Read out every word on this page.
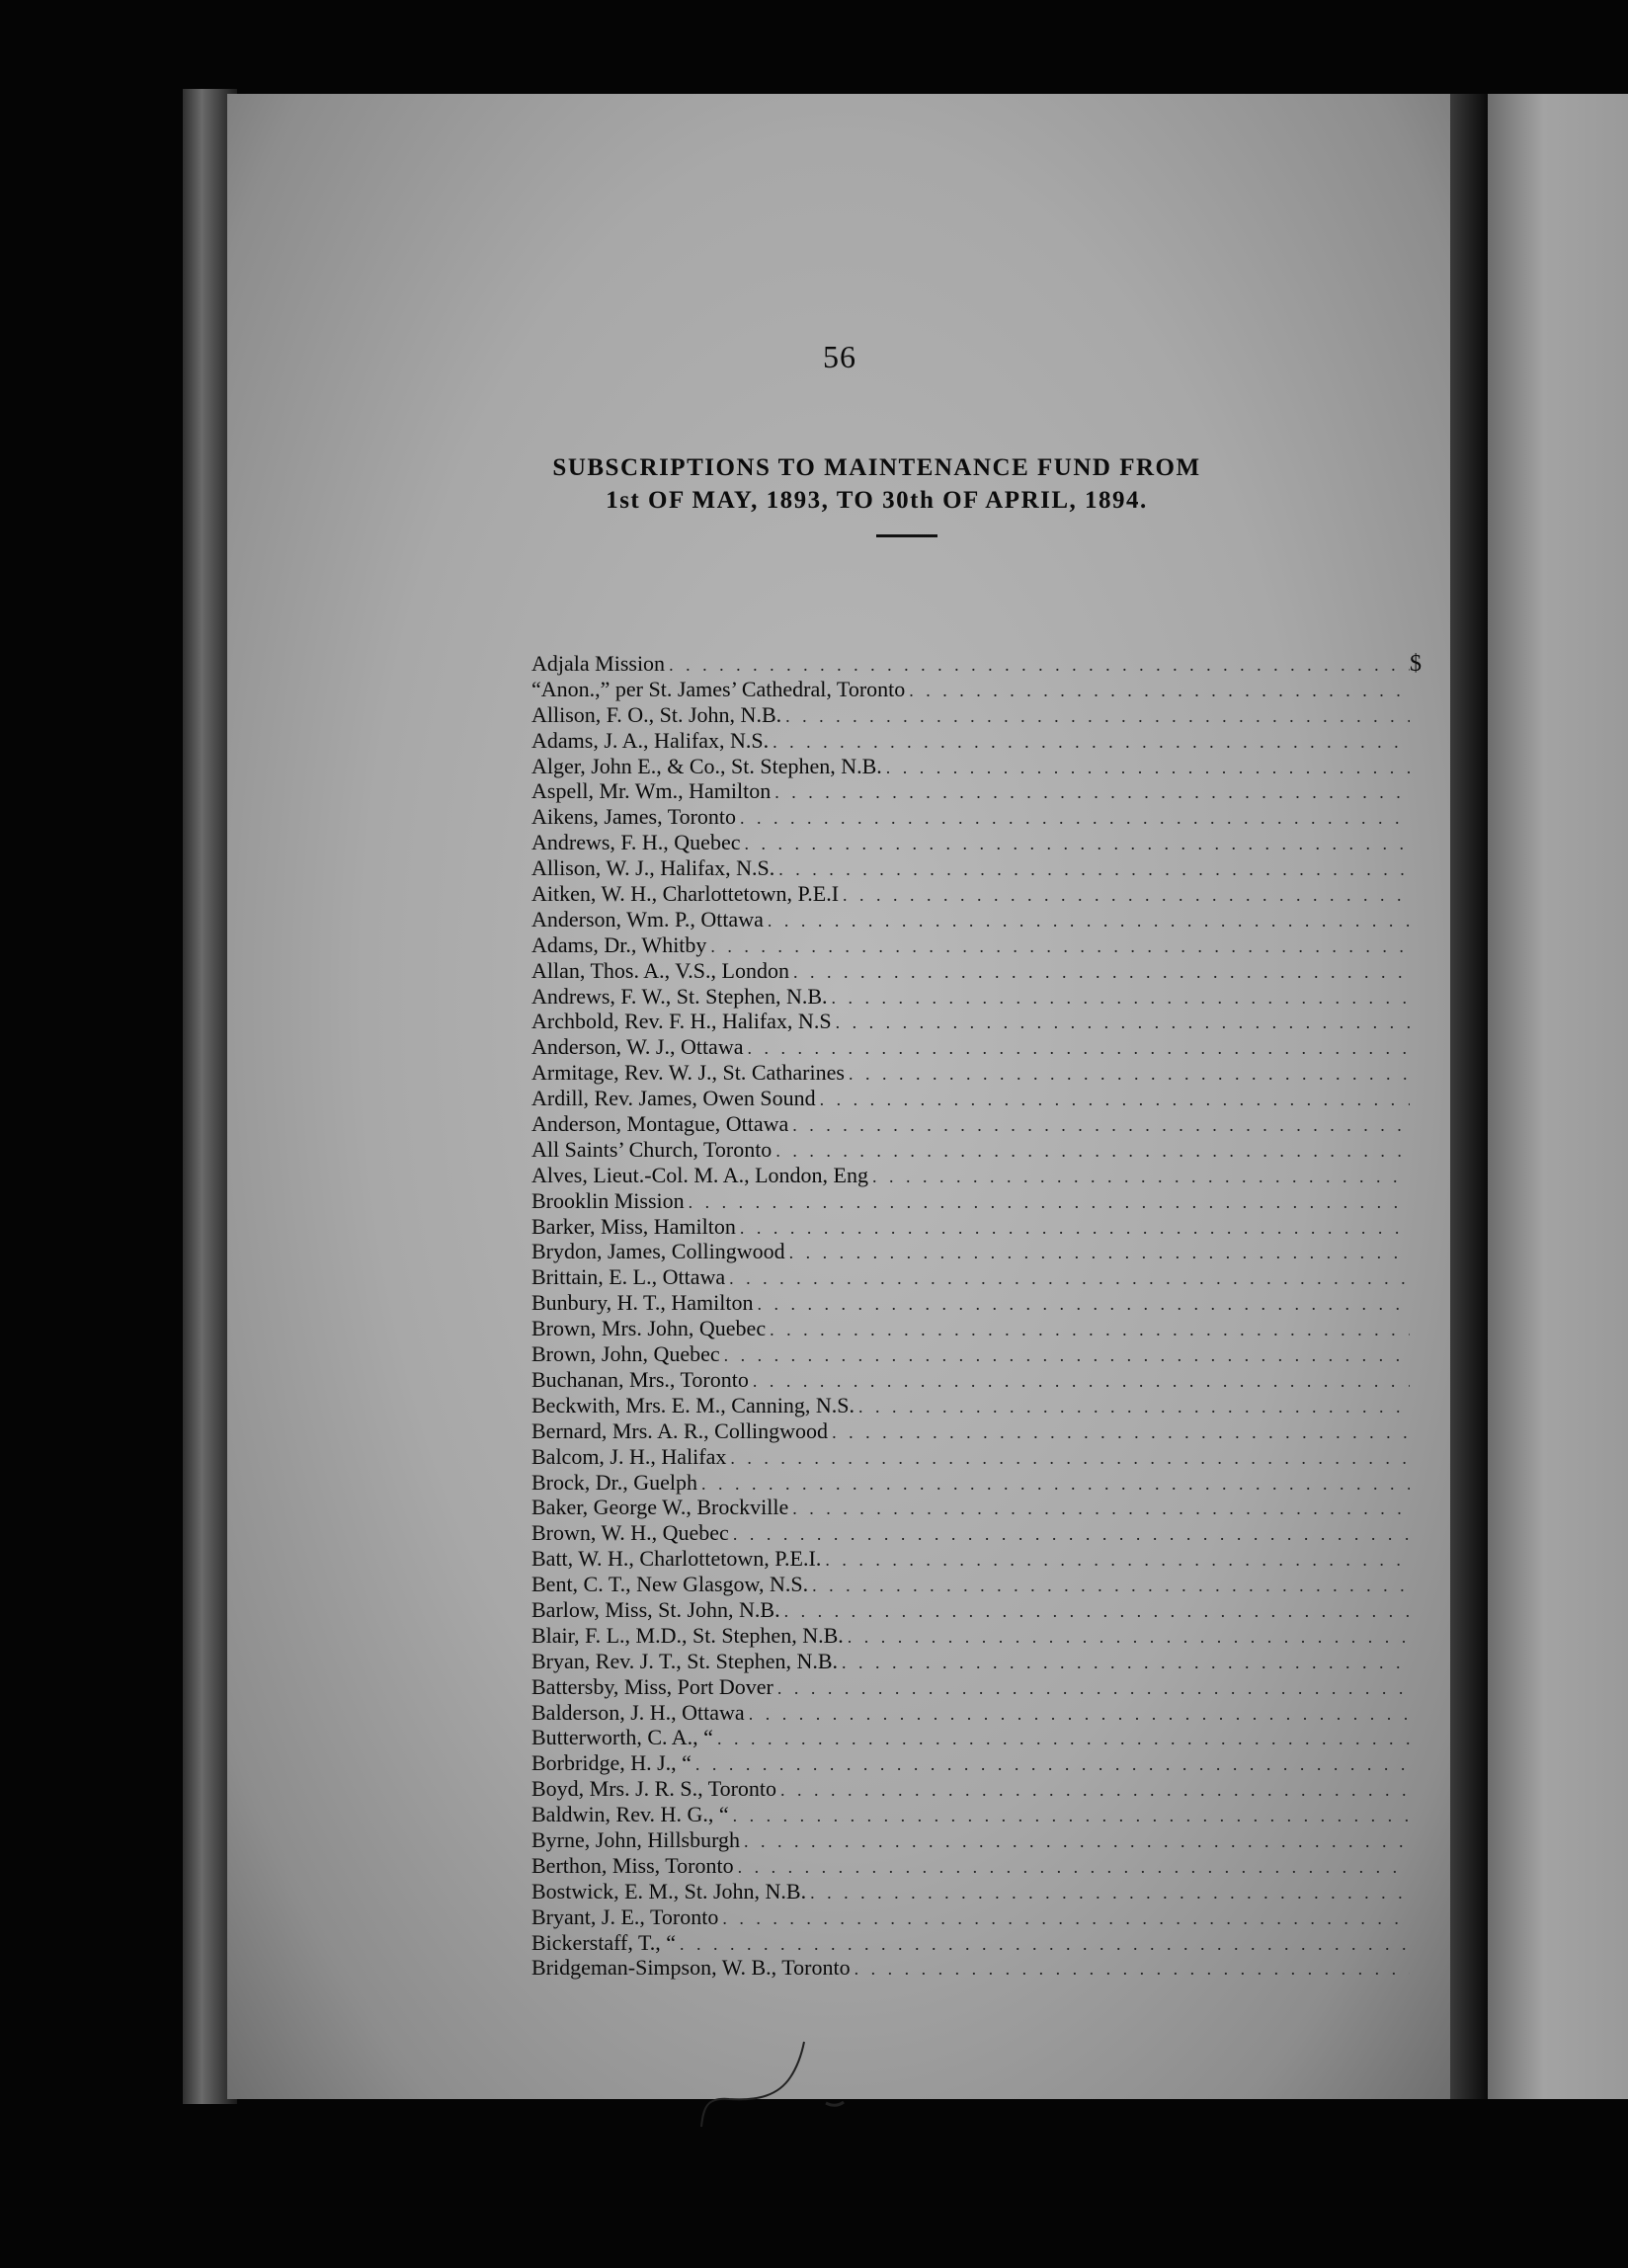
56
SUBSCRIPTIONS TO MAINTENANCE FUND FROM
1st OF MAY, 1893, TO 30th OF APRIL, 1894.
Adjala Mission
. . .	$
“Anon.,” per St. James’ Cathedral, Toronto
. . .
Allison, F. O., St. John, N.B.
. . .
Adams, J. A., Halifax, N.S.
. . .
Alger, John E., & Co., St. Stephen, N.B.
. . .
Aspell, Mr. Wm., Hamilton
. . .
Aikens, James, Toronto
. . .
Andrews, F. H., Quebec
. . .
Allison, W. J., Halifax, N.S.
. . .
Aitken, W. H., Charlottetown, P.E.I
. . .
Anderson, Wm. P., Ottawa
. . .
Adams, Dr., Whitby
. . .
Allan, Thos. A., V.S., London
. . .
Andrews, F. W., St. Stephen, N.B.
. . .
Archbold, Rev. F. H., Halifax, N.S
. . .
Anderson, W. J., Ottawa
. . .
Armitage, Rev. W. J., St. Catharines
. . .
Ardill, Rev. James, Owen Sound
. . .
Anderson, Montague, Ottawa
. . .
All Saints’ Church, Toronto
. . .
Alves, Lieut.-Col. M. A., London, Eng
. . .
Brooklin Mission
. . .
Barker, Miss, Hamilton
. . .
Brydon, James, Collingwood
. . .
Brittain, E. L., Ottawa
. . .
Bunbury, H. T., Hamilton
. . .
Brown, Mrs. John, Quebec
. . .
Brown, John, Quebec
. . .
Buchanan, Mrs., Toronto
. . .
Beckwith, Mrs. E. M., Canning, N.S.
. . .
Bernard, Mrs. A. R., Collingwood
. . .
Balcom, J. H., Halifax
. . .
Brock, Dr., Guelph
. . .
Baker, George W., Brockville
. . .
Brown, W. H., Quebec
. . .
Batt, W. H., Charlottetown, P.E.I.
. . .
Bent, C. T., New Glasgow, N.S.
. . .
Barlow, Miss, St. John, N.B.
. . .
Blair, F. L., M.D., St. Stephen, N.B.
. . .
Bryan, Rev. J. T., St. Stephen, N.B.
. . .
Battersby, Miss, Port Dover
. . .
Balderson, J. H., Ottawa
. . .
Butterworth, C. A., “
. . .
Borbridge, H. J., “
. . .
Boyd, Mrs. J. R. S., Toronto
. . .
Baldwin, Rev. H. G., “
. . .
Byrne, John, Hillsburgh
. . .
Berthon, Miss, Toronto
. . .
Bostwick, E. M., St. John, N.B.
. . .
Bryant, J. E., Toronto
. . .
Bickerstaff, T., “
. . .
Bridgeman-Simpson, W. B., Toronto
. . .
